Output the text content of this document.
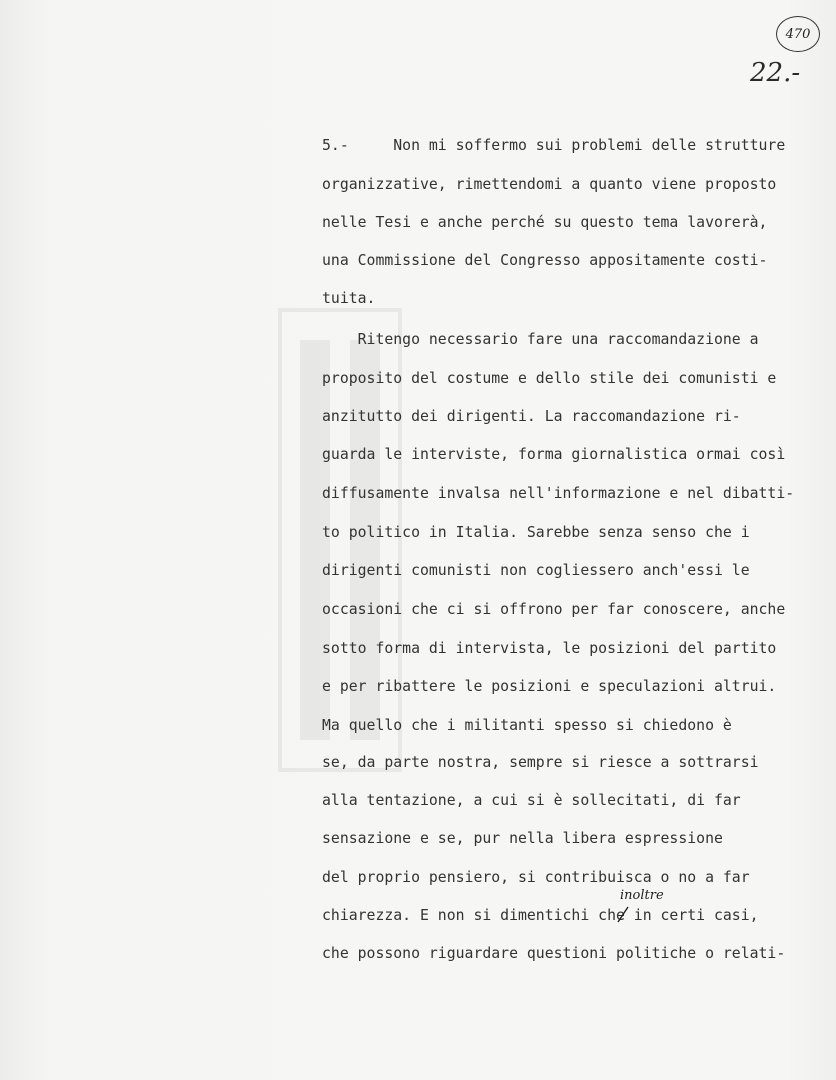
470
22.-

5.-     Non mi soffermo sui problemi delle strutture

organizzative, rimettendomi a quanto viene proposto

nelle Tesi e anche perché su questo tema lavorerà,

una Commissione del Congresso appositamente costi-

tuita.

Ritengo necessario fare una raccomandazione a

proposito del costume e dello stile dei comunisti e

anzitutto dei dirigenti. La raccomandazione ri-

guarda le interviste, forma giornalistica ormai così

diffusamente invalsa nell'informazione e nel dibatti-

to politico in Italia. Sarebbe senza senso che i

dirigenti comunisti non cogliessero anch'essi le

occasioni che ci si offrono per far conoscere, anche

sotto forma di intervista, le posizioni del partito

e per ribattere le posizioni e speculazioni altrui.

Ma quello che i militanti spesso si chiedono è

se, da parte nostra, sempre si riesce a sottrarsi

alla tentazione, a cui si è sollecitati, di far

sensazione e se, pur nella libera espressione

del proprio pensiero, si contribuisca o no a far

chiarezza. E non si dimentichi che in certi casi,

che possono riguardare questioni politiche o relati-

inoltre
